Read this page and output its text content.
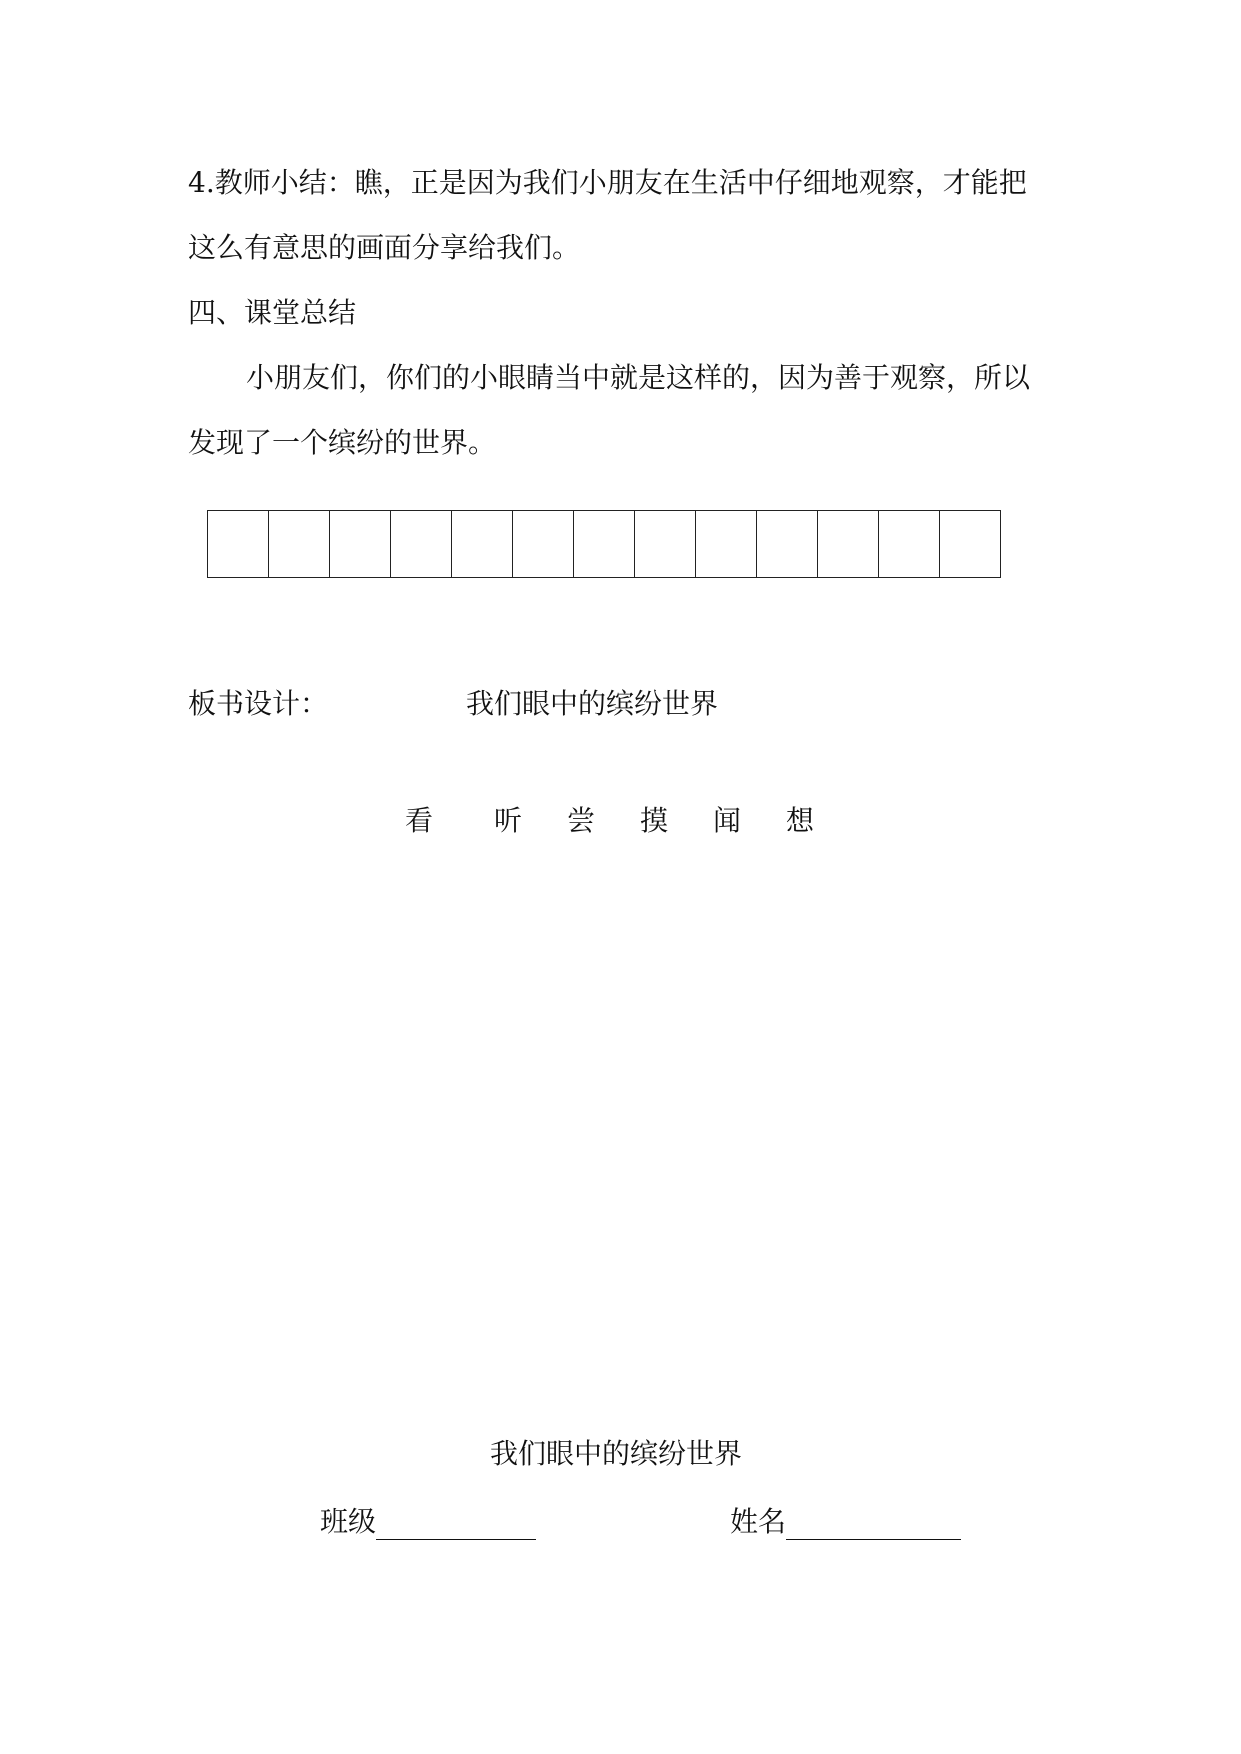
4.教师小结：瞧，正是因为我们小朋友在生活中仔细地观察，才能把
这么有意思的画面分享给我们。
四、课堂总结
小朋友们，你们的小眼睛当中就是这样的，因为善于观察，所以
发现了一个缤纷的世界。
板书设计：	我们眼中的缤纷世界
看 听 尝 摸 闻 想
我们眼中的缤纷世界
班级	姓名
